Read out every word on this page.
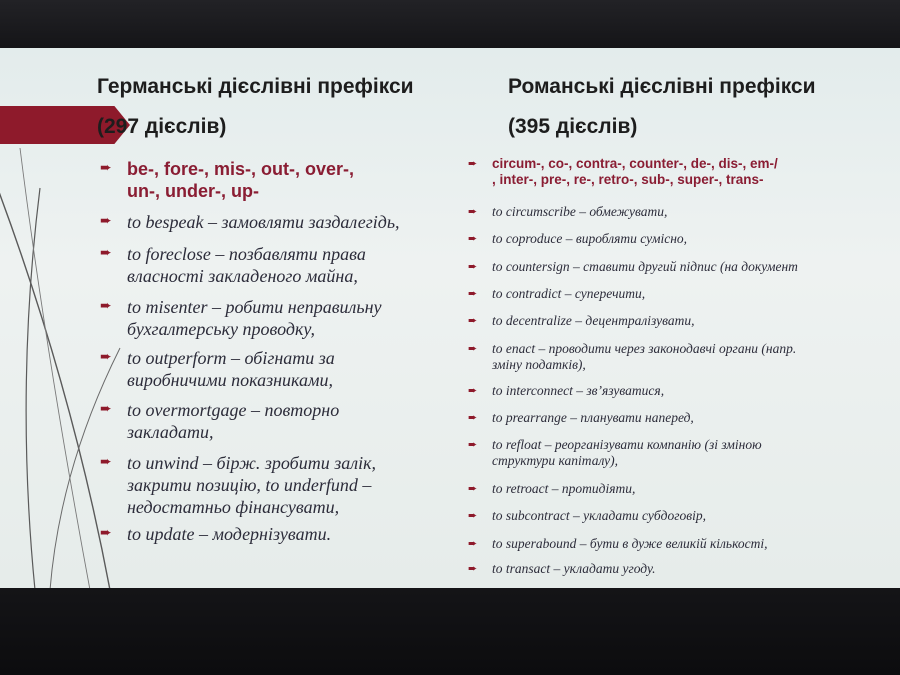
Германські дієслівні префікси
(297 дієслів)
➨ be-, fore-, mis-, out-, over-,
un-, under-, up-
➨ to bespeak – замовляти заздалегідь,
➨ to foreclose – позбавляти права
власності закладеного майна,
➨ to misenter – робити неправильну
бухгалтерську проводку,
➨ to outperform – обігнати за
виробничими показниками,
➨ to overmortgage – повторно
закладати,
➨ to unwind – бірж. зробити залік,
закрити позицію, to underfund –
недостатньо фінансувати,
➨ to update – модернізувати.
Романські дієслівні префікси
(395 дієслів)
➨ circum-, co-, contra-, counter-, de-, dis-, em-/
, inter-, pre-, re-, retro-, sub-, super-, trans-
➨ to circumscribe – обмежувати,
➨ to coproduce – виробляти сумісно,
➨ to countersign – ставити другий підпис (на документ
➨ to contradict – суперечити,
➨ to decentralize – децентралізувати,
➨ to enact – проводити через законодавчі органи (напр.
зміну податків),
➨ to interconnect – зв’язуватися,
➨ to prearrange – планувати наперед,
➨ to refloat – реорганізувати компанію (зі зміною
структури капіталу),
➨ to retroact – протидіяти,
➨ to subcontract – укладати субдоговір,
➨ to superabound – бути в дуже великій кількості,
➨ to transact – укладати угоду.
